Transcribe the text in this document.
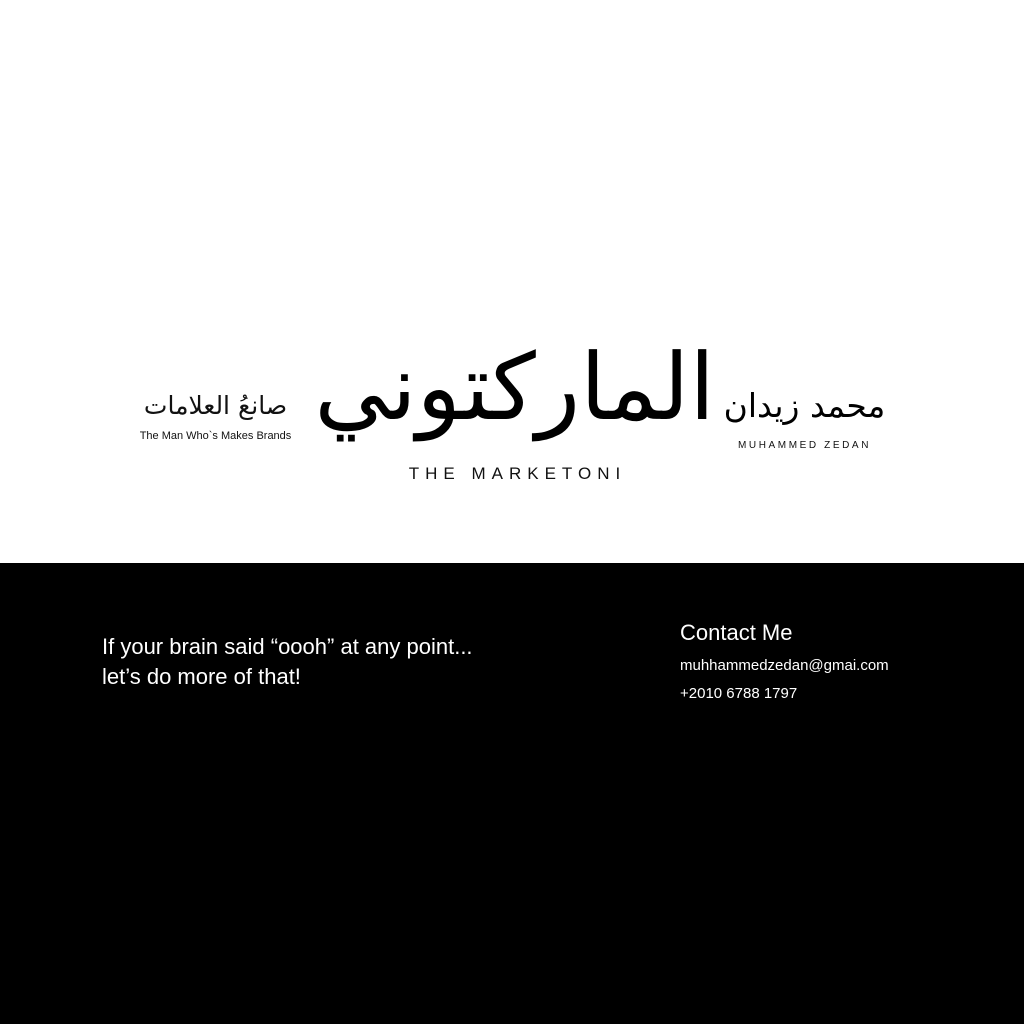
صانعُ العلامات
The Man Who`s Makes Brands الماركتوني
THE MARKETONI
محمد زيدان
MUHAMMED ZEDAN
If your brain said “oooh” at any point...
let’s do more of that!
Contact Me
muhhammedzedan@gmai.com
+2010 6788 1797
